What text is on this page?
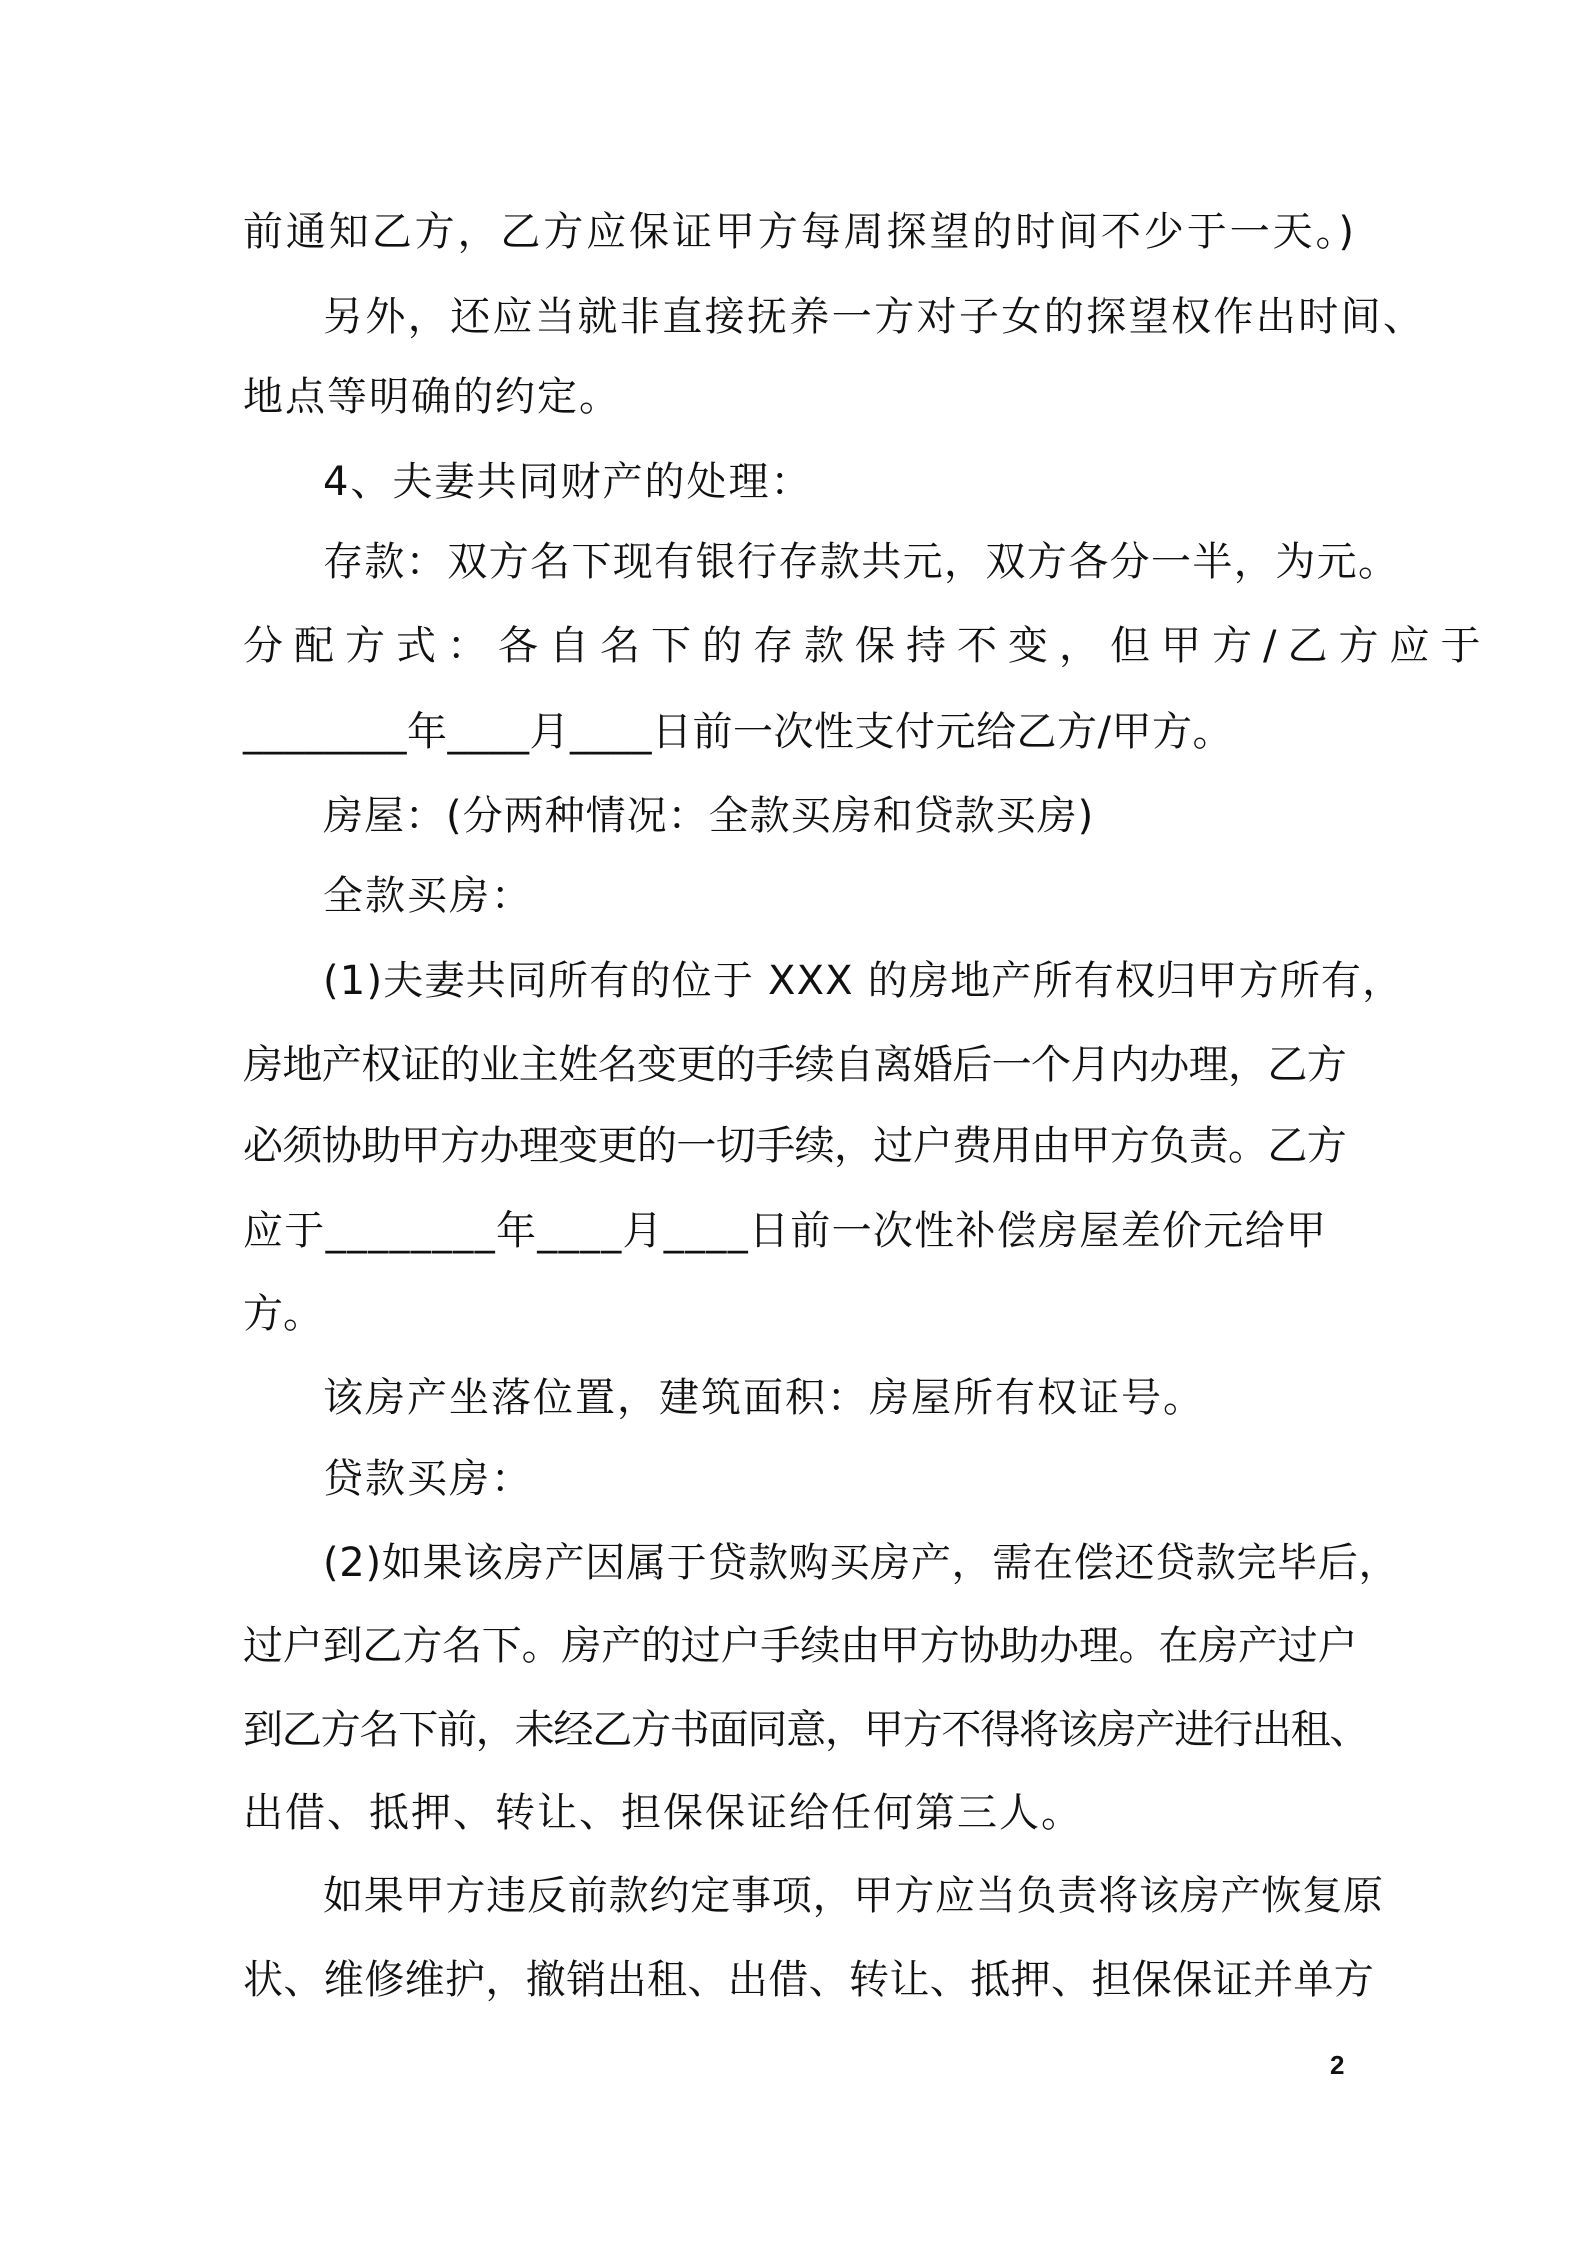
前通知乙方，乙方应保证甲方每周探望的时间不少于一天。)
另外，还应当就非直接抚养一方对子女的探望权作出时间、
地点等明确的约定。
4、夫妻共同财产的处理：
存款：双方名下现有银行存款共元，双方各分一半，为元。
分配方式：各自名下的存款保持不变，但甲方/乙方应于
________年____月____日前一次性支付元给乙方/甲方。
房屋：(分两种情况：全款买房和贷款买房)
全款买房：
(1)夫妻共同所有的位于 XXX 的房地产所有权归甲方所有，
房地产权证的业主姓名变更的手续自离婚后一个月内办理，乙方
必须协助甲方办理变更的一切手续，过户费用由甲方负责。乙方
应于________年____月____日前一次性补偿房屋差价元给甲
方。
该房产坐落位置，建筑面积：房屋所有权证号。
贷款买房：
(2)如果该房产因属于贷款购买房产，需在偿还贷款完毕后，
过户到乙方名下。房产的过户手续由甲方协助办理。在房产过户
到乙方名下前，未经乙方书面同意，甲方不得将该房产进行出租、
出借、抵押、转让、担保保证给任何第三人。
如果甲方违反前款约定事项，甲方应当负责将该房产恢复原
状、维修维护，撤销出租、出借、转让、抵押、担保保证并单方
2
